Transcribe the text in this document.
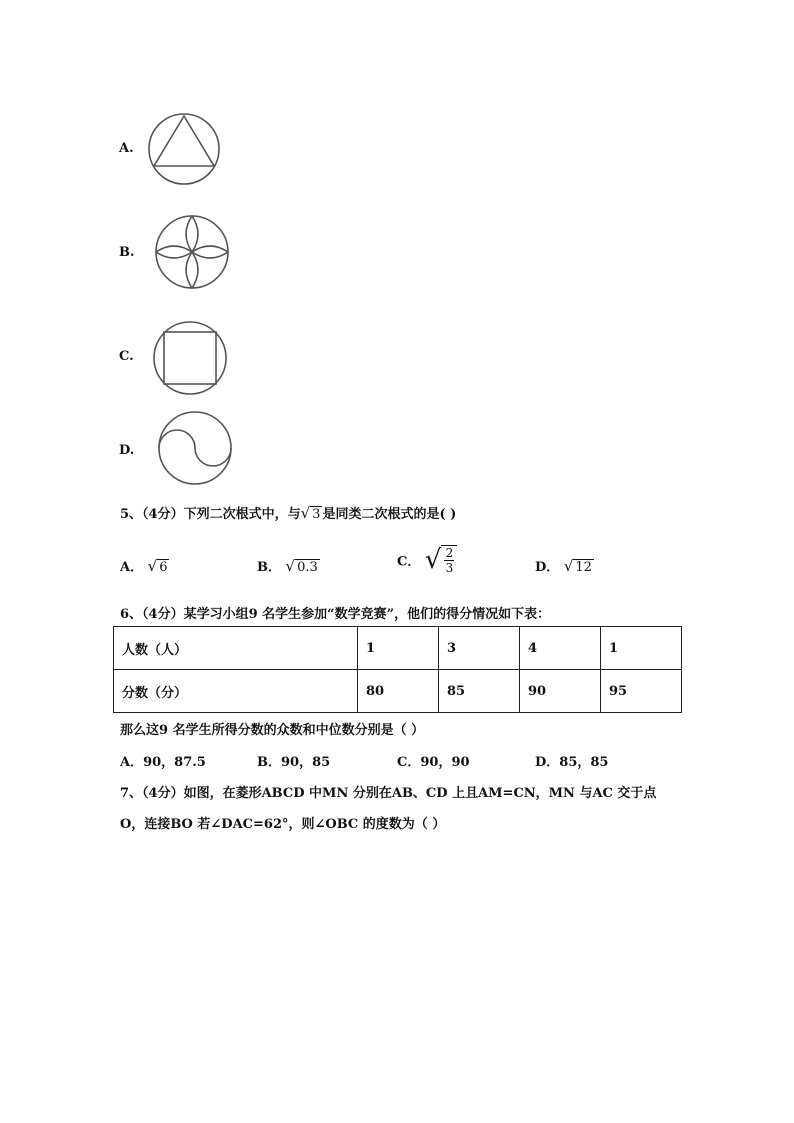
A.
B.
C.
D.
5、（4分）下列二次根式中，与√ 3 是同类二次根式的是( )
A． √ 6	B． √ 0.3	C． √ $\frac{2}{3}$	D． √ 12
6、（4分）某学习小组9 名学生参加“数学竞赛”，他们的得分情况如下表：
人数（人）	1	3	4	1
分数（分）	80	85	90	95
那么这9 名学生所得分数的众数和中位数分别是（ ）
A．90，87.5	B．90，85	C．90，90	D．85，85
7、（4分）如图，在菱形ABCD 中MN 分别在AB、CD 上且AM=CN，MN 与AC 交于点
O，连接BO 若∠DAC=62°，则∠OBC 的度数为（ ）
